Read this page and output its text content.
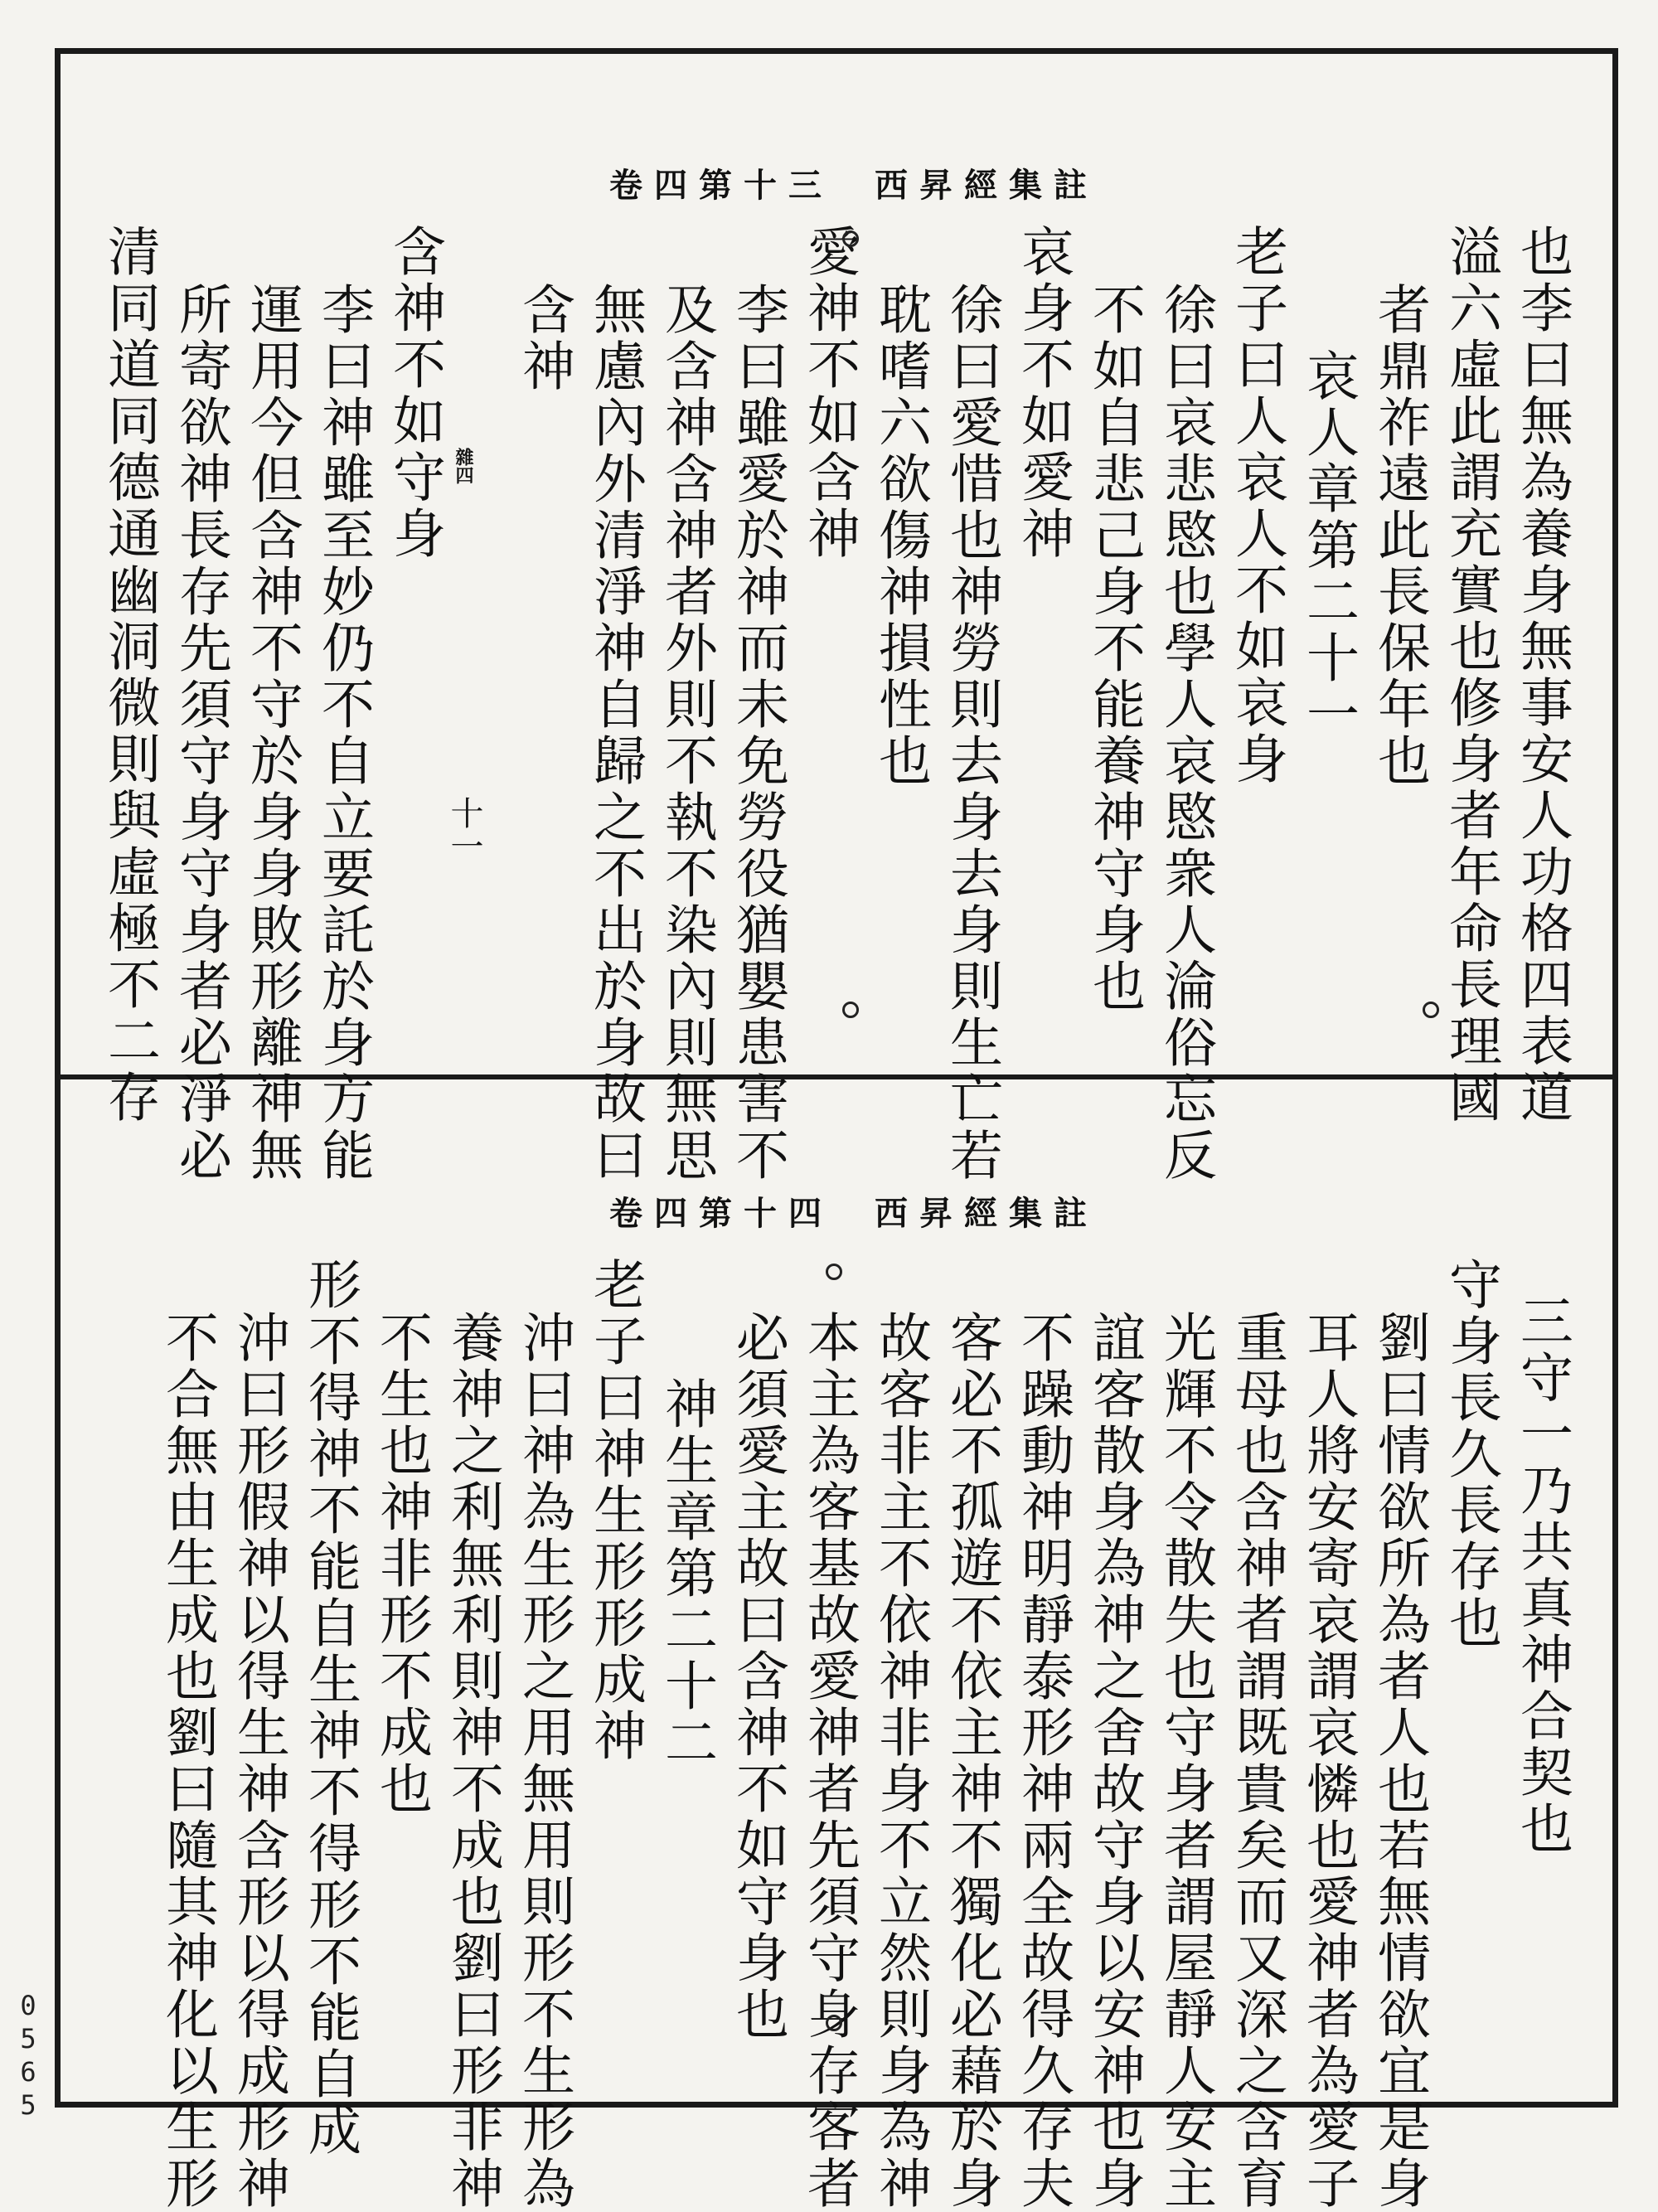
卷四第十三 西昇經集註
也李曰無為養身無事安人功格四表道
溢六虛此謂充實也修身者年命長理國
者鼎祚遠此長保年也
哀人章第二十一
老子曰人哀人不如哀身
徐曰哀悲愍也學人哀愍衆人淪俗忘反
不如自悲己身不能養神守身也
哀身不如愛神
徐曰愛惜也神勞則去身去身則生亡若
耽嗜六欲傷神損性也
愛神不如含神
李曰雖愛於神而未免勞役猶嬰患害不
及含神含神者外則不執不染內則無思
無慮內外清淨神自歸之不出於身故曰
含神
含神不如守身
李曰神雖至妙仍不自立要託於身方能
運用今但含神不守於身身敗形離神無
所寄欲神長存先須守身守身者必淨必
清同道同德通幽洞微則與虛極不二存	雜四
十一
卷四第十四 西昇經集註
三守一乃共真神合契也
守身長久長存也
劉曰情欲所為者人也若無情欲宜是身
耳人將安寄哀謂哀憐也愛神者為愛子
重母也含神者謂既貴矣而又深之含育
光輝不令散失也守身者謂屋靜人安主
誼客散身為神之舍故守身以安神也身
不躁動神明靜泰形神兩全故得久存夫
客必不孤遊不依主神不獨化必藉於身
故客非主不依神非身不立然則身為神
本主為客基故愛神者先須守身存客者
必須愛主故曰含神不如守身也
神生章第二十二
老子曰神生形形成神
沖曰神為生形之用無用則形不生形為
養神之利無利則神不成也劉曰形非神
不生也神非形不成也
形不得神不能自生神不得形不能自成
沖曰形假神以得生神含形以得成形神
不合無由生成也劉曰隨其神化以生形
0565
